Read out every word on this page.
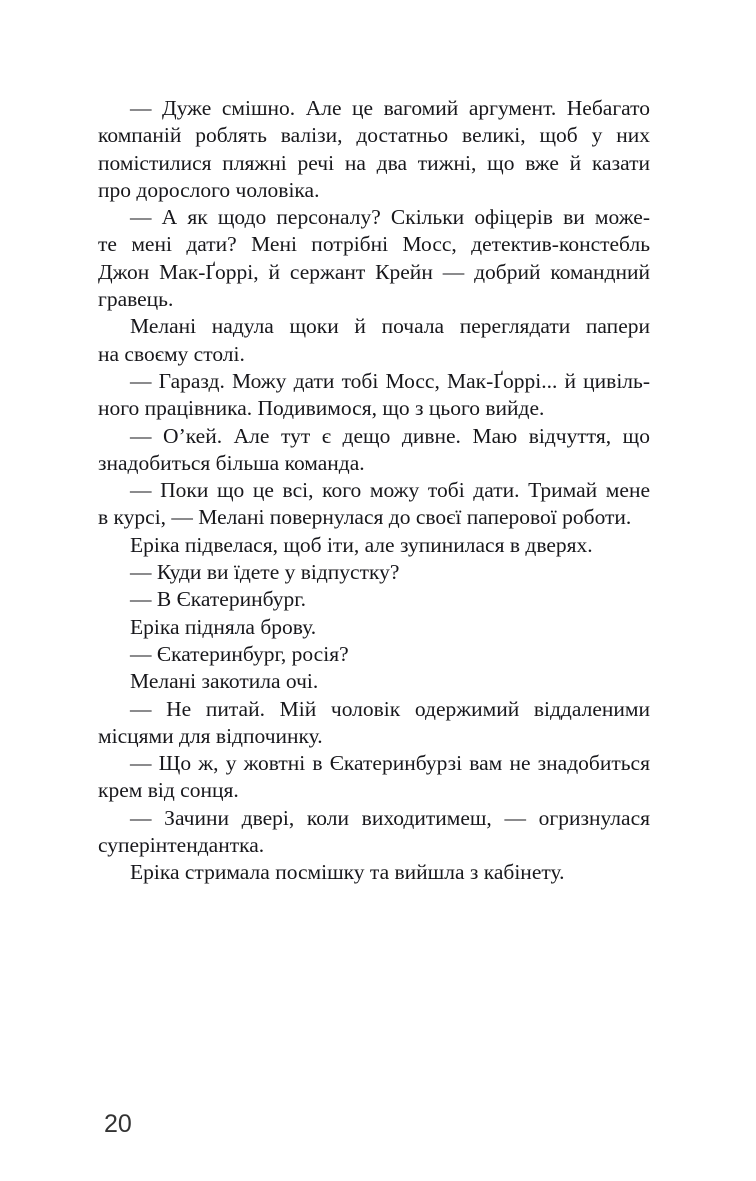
— Дуже смішно. Але це вагомий аргумент. Небагато
компаній роблять валізи, достатньо великі, щоб у них
помістилися пляжні речі на два тижні, що вже й казати
про дорослого чоловіка.
— А як щодо персоналу? Скільки офіцерів ви може-
те мені дати? Мені потрібні Мосс, детектив-констебль
Джон Мак-Ґоррі, й сержант Крейн — добрий командний
гравець.
Мелані надула щоки й почала переглядати папери
на своєму столі.
— Гаразд. Можу дати тобі Мосс, Мак-Ґоррі... й цивіль-
ного працівника. Подивимося, що з цього вийде.
— О’кей. Але тут є дещо дивне. Маю відчуття, що
знадобиться більша команда.
— Поки що це всі, кого можу тобі дати. Тримай мене
в курсі, — Мелані повернулася до своєї паперової роботи.
Еріка підвелася, щоб іти, але зупинилася в дверях.
— Куди ви їдете у відпустку?
— В Єкатеринбург.
Еріка підняла брову.
— Єкатеринбург, росія?
Мелані закотила очі.
— Не питай. Мій чоловік одержимий віддаленими
місцями для відпочинку.
— Що ж, у жовтні в Єкатеринбурзі вам не знадобиться
крем від сонця.
— Зачини двері, коли виходитимеш, — огризнулася
суперінтендантка.
Еріка стримала посмішку та вийшла з кабінету.
20
